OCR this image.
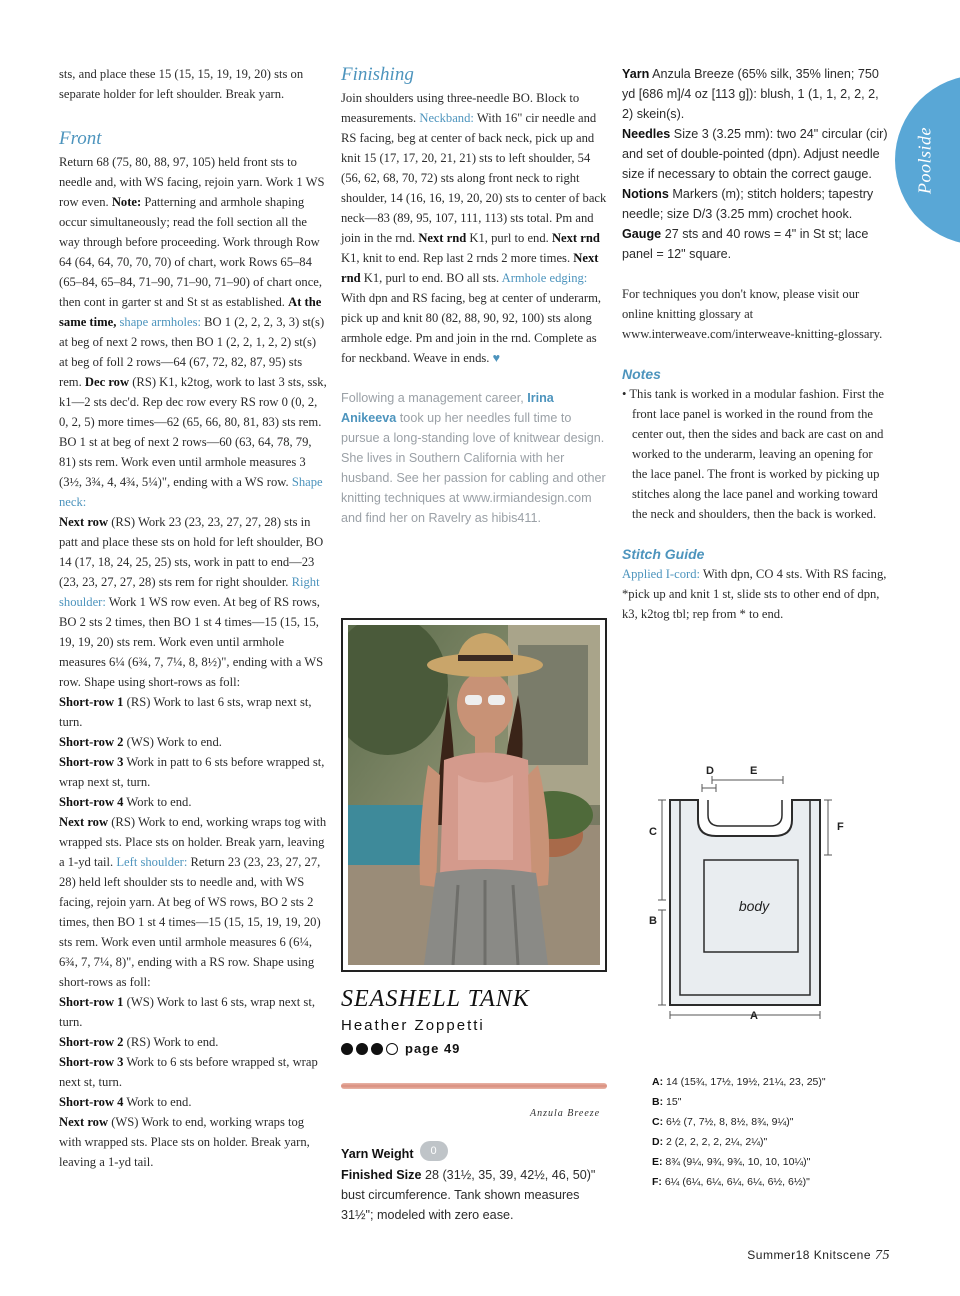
Poolside

sts, and place these 15 (15, 15, 19, 19, 20) sts on separate holder for left shoulder. Break yarn.

Front

Return 68 (75, 80, 88, 97, 105) held front sts to needle and, with WS facing, rejoin yarn. Work 1 WS row even. Note: Patterning and armhole shaping occur simultaneously; read the foll section all the way through before proceeding. Work through Row 64 (64, 64, 70, 70, 70) of chart, work Rows 65–84 (65–84, 65–84, 71–90, 71–90, 71–90) of chart once, then cont in garter st and St st as established. At the same time, shape armholes: BO 1 (2, 2, 2, 3, 3) st(s) at beg of next 2 rows, then BO 1 (2, 2, 1, 2, 2) st(s) at beg of foll 2 rows—64 (67, 72, 82, 87, 95) sts rem. Dec row (RS) K1, k2tog, work to last 3 sts, ssk, k1—2 sts dec'd. Rep dec row every RS row 0 (0, 2, 0, 2, 5) more times—62 (65, 66, 80, 81, 83) sts rem. BO 1 st at beg of next 2 rows—60 (63, 64, 78, 79, 81) sts rem. Work even until armhole measures 3 (3½, 3¾, 4, 4¾, 5¼)", ending with a WS row. Shape neck:
Next row (RS) Work 23 (23, 23, 27, 27, 28) sts in patt and place these sts on hold for left shoulder, BO 14 (17, 18, 24, 25, 25) sts, work in patt to end—23 (23, 23, 27, 27, 28) sts rem for right shoulder. Right shoulder: Work 1 WS row even. At beg of RS rows, BO 2 sts 2 times, then BO 1 st 4 times—15 (15, 15, 19, 19, 20) sts rem. Work even until armhole measures 6¼ (6¾, 7, 7¼, 8, 8½)", ending with a WS row. Shape using short-rows as foll:

Short-row 1 (RS) Work to last 6 sts, wrap next st, turn.

Short-row 2 (WS) Work to end.

Short-row 3 Work in patt to 6 sts before wrapped st, wrap next st, turn.

Short-row 4 Work to end.

Next row (RS) Work to end, working wraps tog with wrapped sts. Place sts on holder. Break yarn, leaving a 1-yd tail. Left shoulder: Return 23 (23, 23, 27, 27, 28) held left shoulder sts to needle and, with WS facing, rejoin yarn. At beg of WS rows, BO 2 sts 2 times, then BO 1 st 4 times—15 (15, 15, 19, 19, 20) sts rem. Work even until armhole measures 6 (6¼, 6¾, 7, 7¼, 8)", ending with a RS row. Shape using short-rows as foll:

Short-row 1 (WS) Work to last 6 sts, wrap next st, turn.

Short-row 2 (RS) Work to end.

Short-row 3 Work to 6 sts before wrapped st, wrap next st, turn.

Short-row 4 Work to end.

Next row (WS) Work to end, working wraps tog with wrapped sts. Place sts on holder. Break yarn, leaving a 1-yd tail.

Finishing

Join shoulders using three-needle BO. Block to measurements. Neckband: With 16" cir needle and RS facing, beg at center of back neck, pick up and knit 15 (17, 17, 20, 21, 21) sts to left shoulder, 54 (56, 62, 68, 70, 72) sts along front neck to right shoulder, 14 (16, 16, 19, 20, 20) sts to center of back neck—83 (89, 95, 107, 111, 113) sts total. Pm and join in the rnd. Next rnd K1, purl to end. Next rnd K1, knit to end. Rep last 2 rnds 2 more times. Next rnd K1, purl to end. BO all sts. Armhole edging: With dpn and RS facing, beg at center of underarm, pick up and knit 80 (82, 88, 90, 92, 100) sts along armhole edge. Pm and join in the rnd. Complete as for neckband. Weave in ends. ♥

Following a management career, Irina Anikeeva took up her needles full time to pursue a long-standing love of knitwear design. She lives in Southern California with her husband. See her passion for cabling and other knitting techniques at www.irmiandesign.com and find her on Ravelry as hibis411.

SEASHELL TANK
Heather Zoppetti
page 49
Anzula Breeze

Yarn Weight 0

Finished Size 28 (31½, 35, 39, 42½, 46, 50)" bust circumference. Tank shown measures 31½"; modeled with zero ease.

Yarn Anzula Breeze (65% silk, 35% linen; 750 yd [686 m]/4 oz [113 g]): blush, 1 (1, 1, 2, 2, 2, 2) skein(s).

Needles Size 3 (3.25 mm): two 24" circular (cir) and set of double-pointed (dpn). Adjust needle size if necessary to obtain the correct gauge.

Notions Markers (m); stitch holders; tapestry needle; size D/3 (3.25 mm) crochet hook.

Gauge 27 sts and 40 rows = 4" in St st; lace panel = 12" square.

For techniques you don't know, please visit our online knitting glossary at www.interweave.com/interweave-knitting-glossary.

Notes

• This tank is worked in a modular fashion. First the front lace panel is worked in the round from the center out, then the sides and back are cast on and worked to the underarm, leaving an opening for the lace panel. The front is worked by picking up stitches along the lace panel and working toward the neck and shoulders, then the back is worked.

Stitch Guide

Applied I-cord: With dpn, CO 4 sts. With RS facing, *pick up and knit 1 st, slide sts to other end of dpn, k3, k2tog tbl; rep from * to end.

body
D	E
C	F
B
A

A: 14 (15¾, 17½, 19½, 21¼, 23, 25)"

B: 15"

C: 6½ (7, 7½, 8, 8½, 8¾, 9¼)"

D: 2 (2, 2, 2, 2, 2¼, 2¼)"

E: 8¾ (9¼, 9¾, 9¾, 10, 10, 10¼)"

F: 6¼ (6¼, 6¼, 6¼, 6¼, 6½, 6½)"

Summer18 Knitscene 75
